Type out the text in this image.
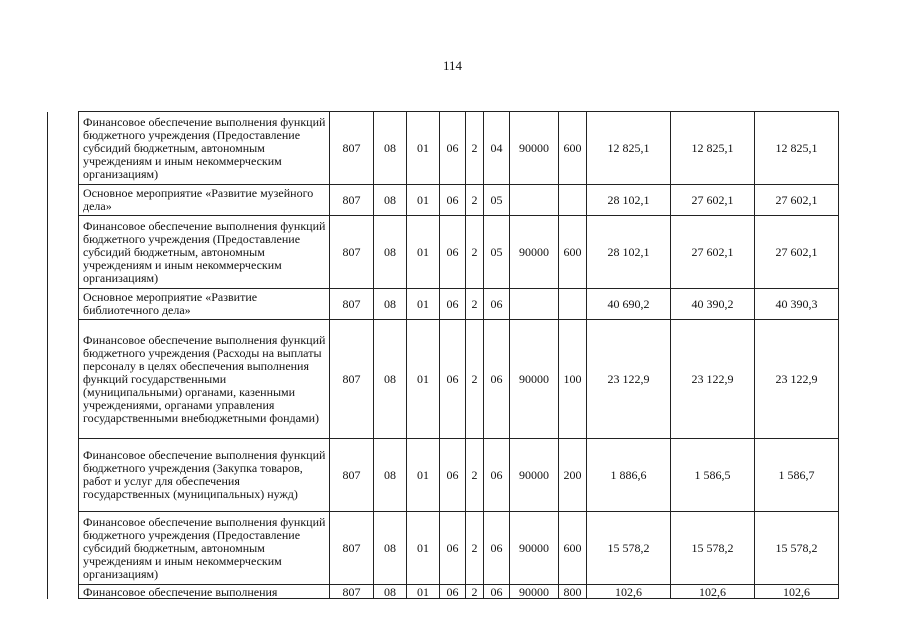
114
	Финансовое обеспечение выполнения функций бюджетного учреждения (Предоставление субсидий бюджетным, автономным учреждениям и иным некоммерческим организациям)	807	08	01	06	2	04	90000	600	12 825,1	12 825,1	12 825,1
	Основное мероприятие «Развитие музейного дела»	807	08	01	06	2	05			28 102,1	27 602,1	27 602,1
	Финансовое обеспечение выполнения функций бюджетного учреждения (Предоставление субсидий бюджетным, автономным учреждениям и иным некоммерческим организациям)	807	08	01	06	2	05	90000	600	28 102,1	27 602,1	27 602,1
	Основное мероприятие «Развитие библиотечного дела»	807	08	01	06	2	06			40 690,2	40 390,2	40 390,3
	Финансовое обеспечение выполнения функций бюджетного учреждения (Расходы на выплаты персоналу в целях обеспечения выполнения функций государственными (муниципальными) органами, казенными учреждениями, органами управления государственными внебюджетными фондами)	807	08	01	06	2	06	90000	100	23 122,9	23 122,9	23 122,9
	Финансовое обеспечение выполнения функций бюджетного учреждения (Закупка товаров, работ и услуг для обеспечения государственных (муниципальных) нужд)	807	08	01	06	2	06	90000	200	1 886,6	1 586,5	1 586,7
	Финансовое обеспечение выполнения функций бюджетного учреждения (Предоставление субсидий бюджетным, автономным учреждениям и иным некоммерческим организациям)	807	08	01	06	2	06	90000	600	15 578,2	15 578,2	15 578,2
	Финансовое обеспечение выполнения	807	08	01	06	2	06	90000	800	102,6	102,6	102,6
